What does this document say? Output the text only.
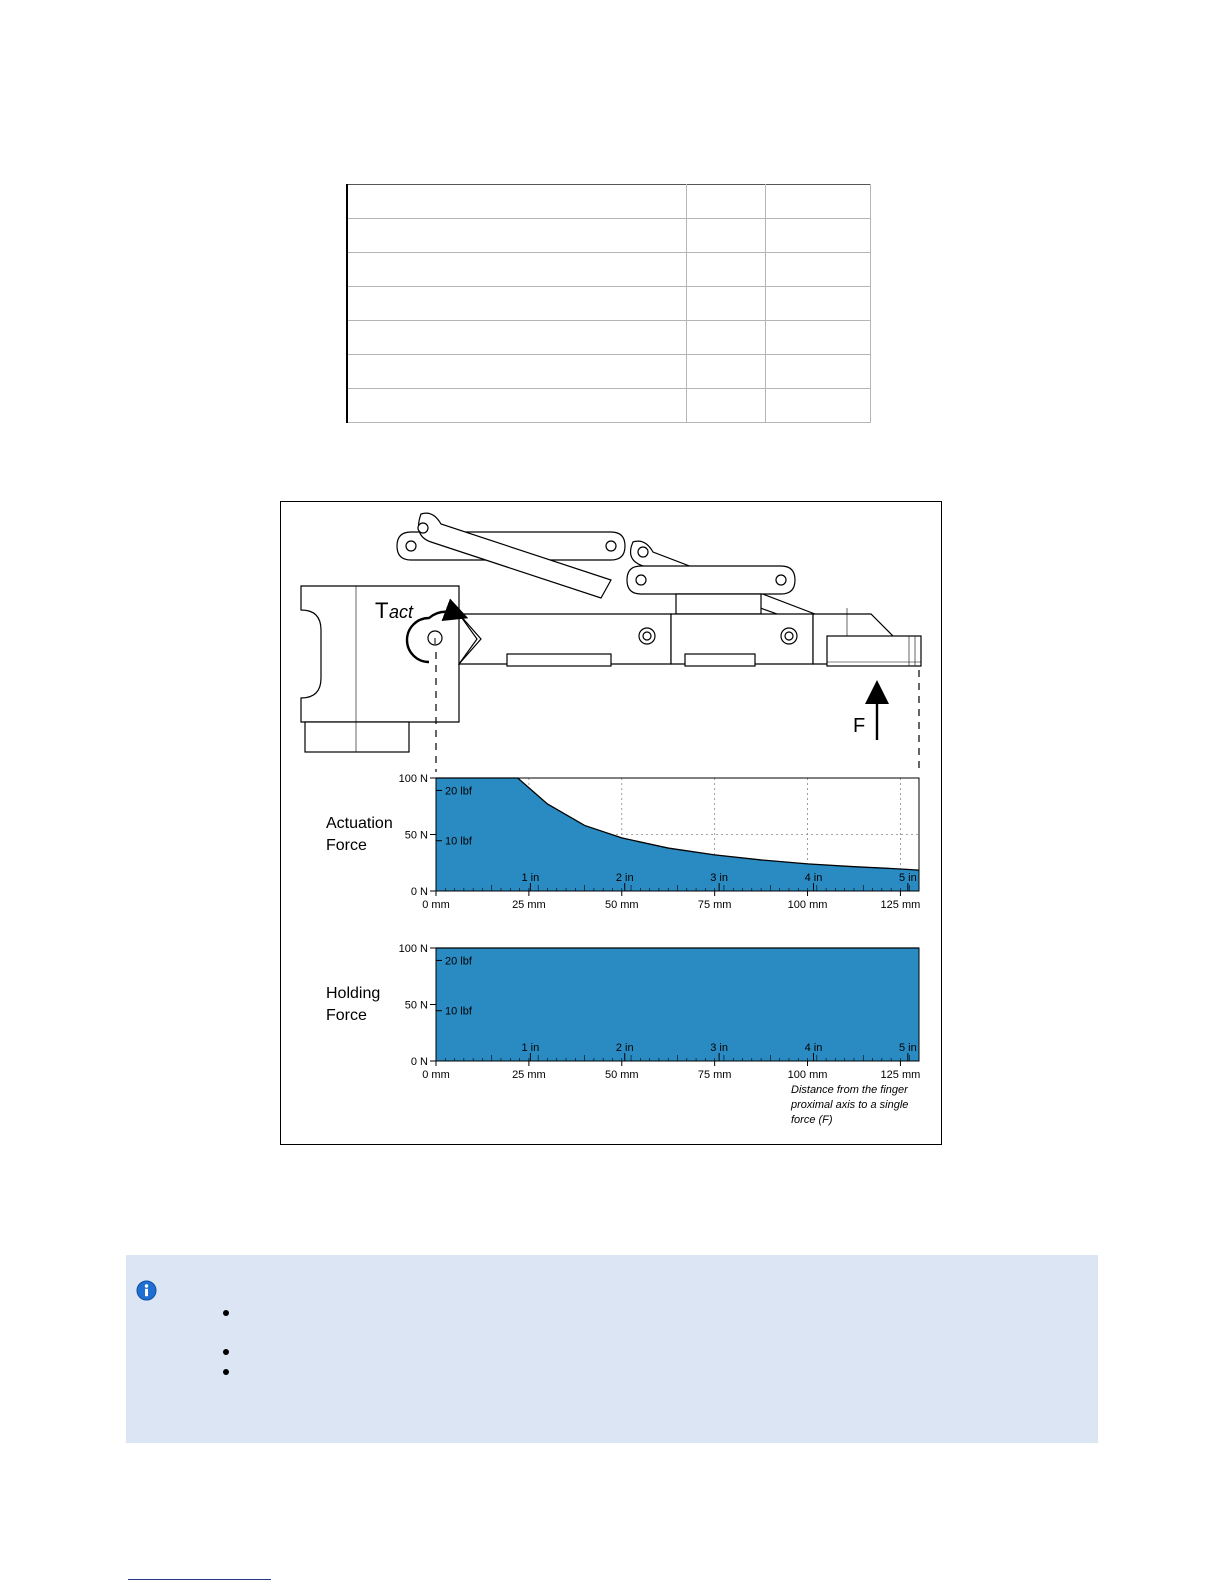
T act
F
100 N
50 N
0 N
20 lbf
10 lbf
1 in	2 in	3 in	4 in	5 in
0 mm	25 mm	50 mm	75 mm	100 mm	125 mm
Actuation
Force
100 N
50 N
0 N
20 lbf
10 lbf
1 in	2 in	3 in	4 in	5 in
0 mm	25 mm	50 mm	75 mm	100 mm	125 mm
Holding
Force
Distance from the finger
proximal axis to a single
force (F)
